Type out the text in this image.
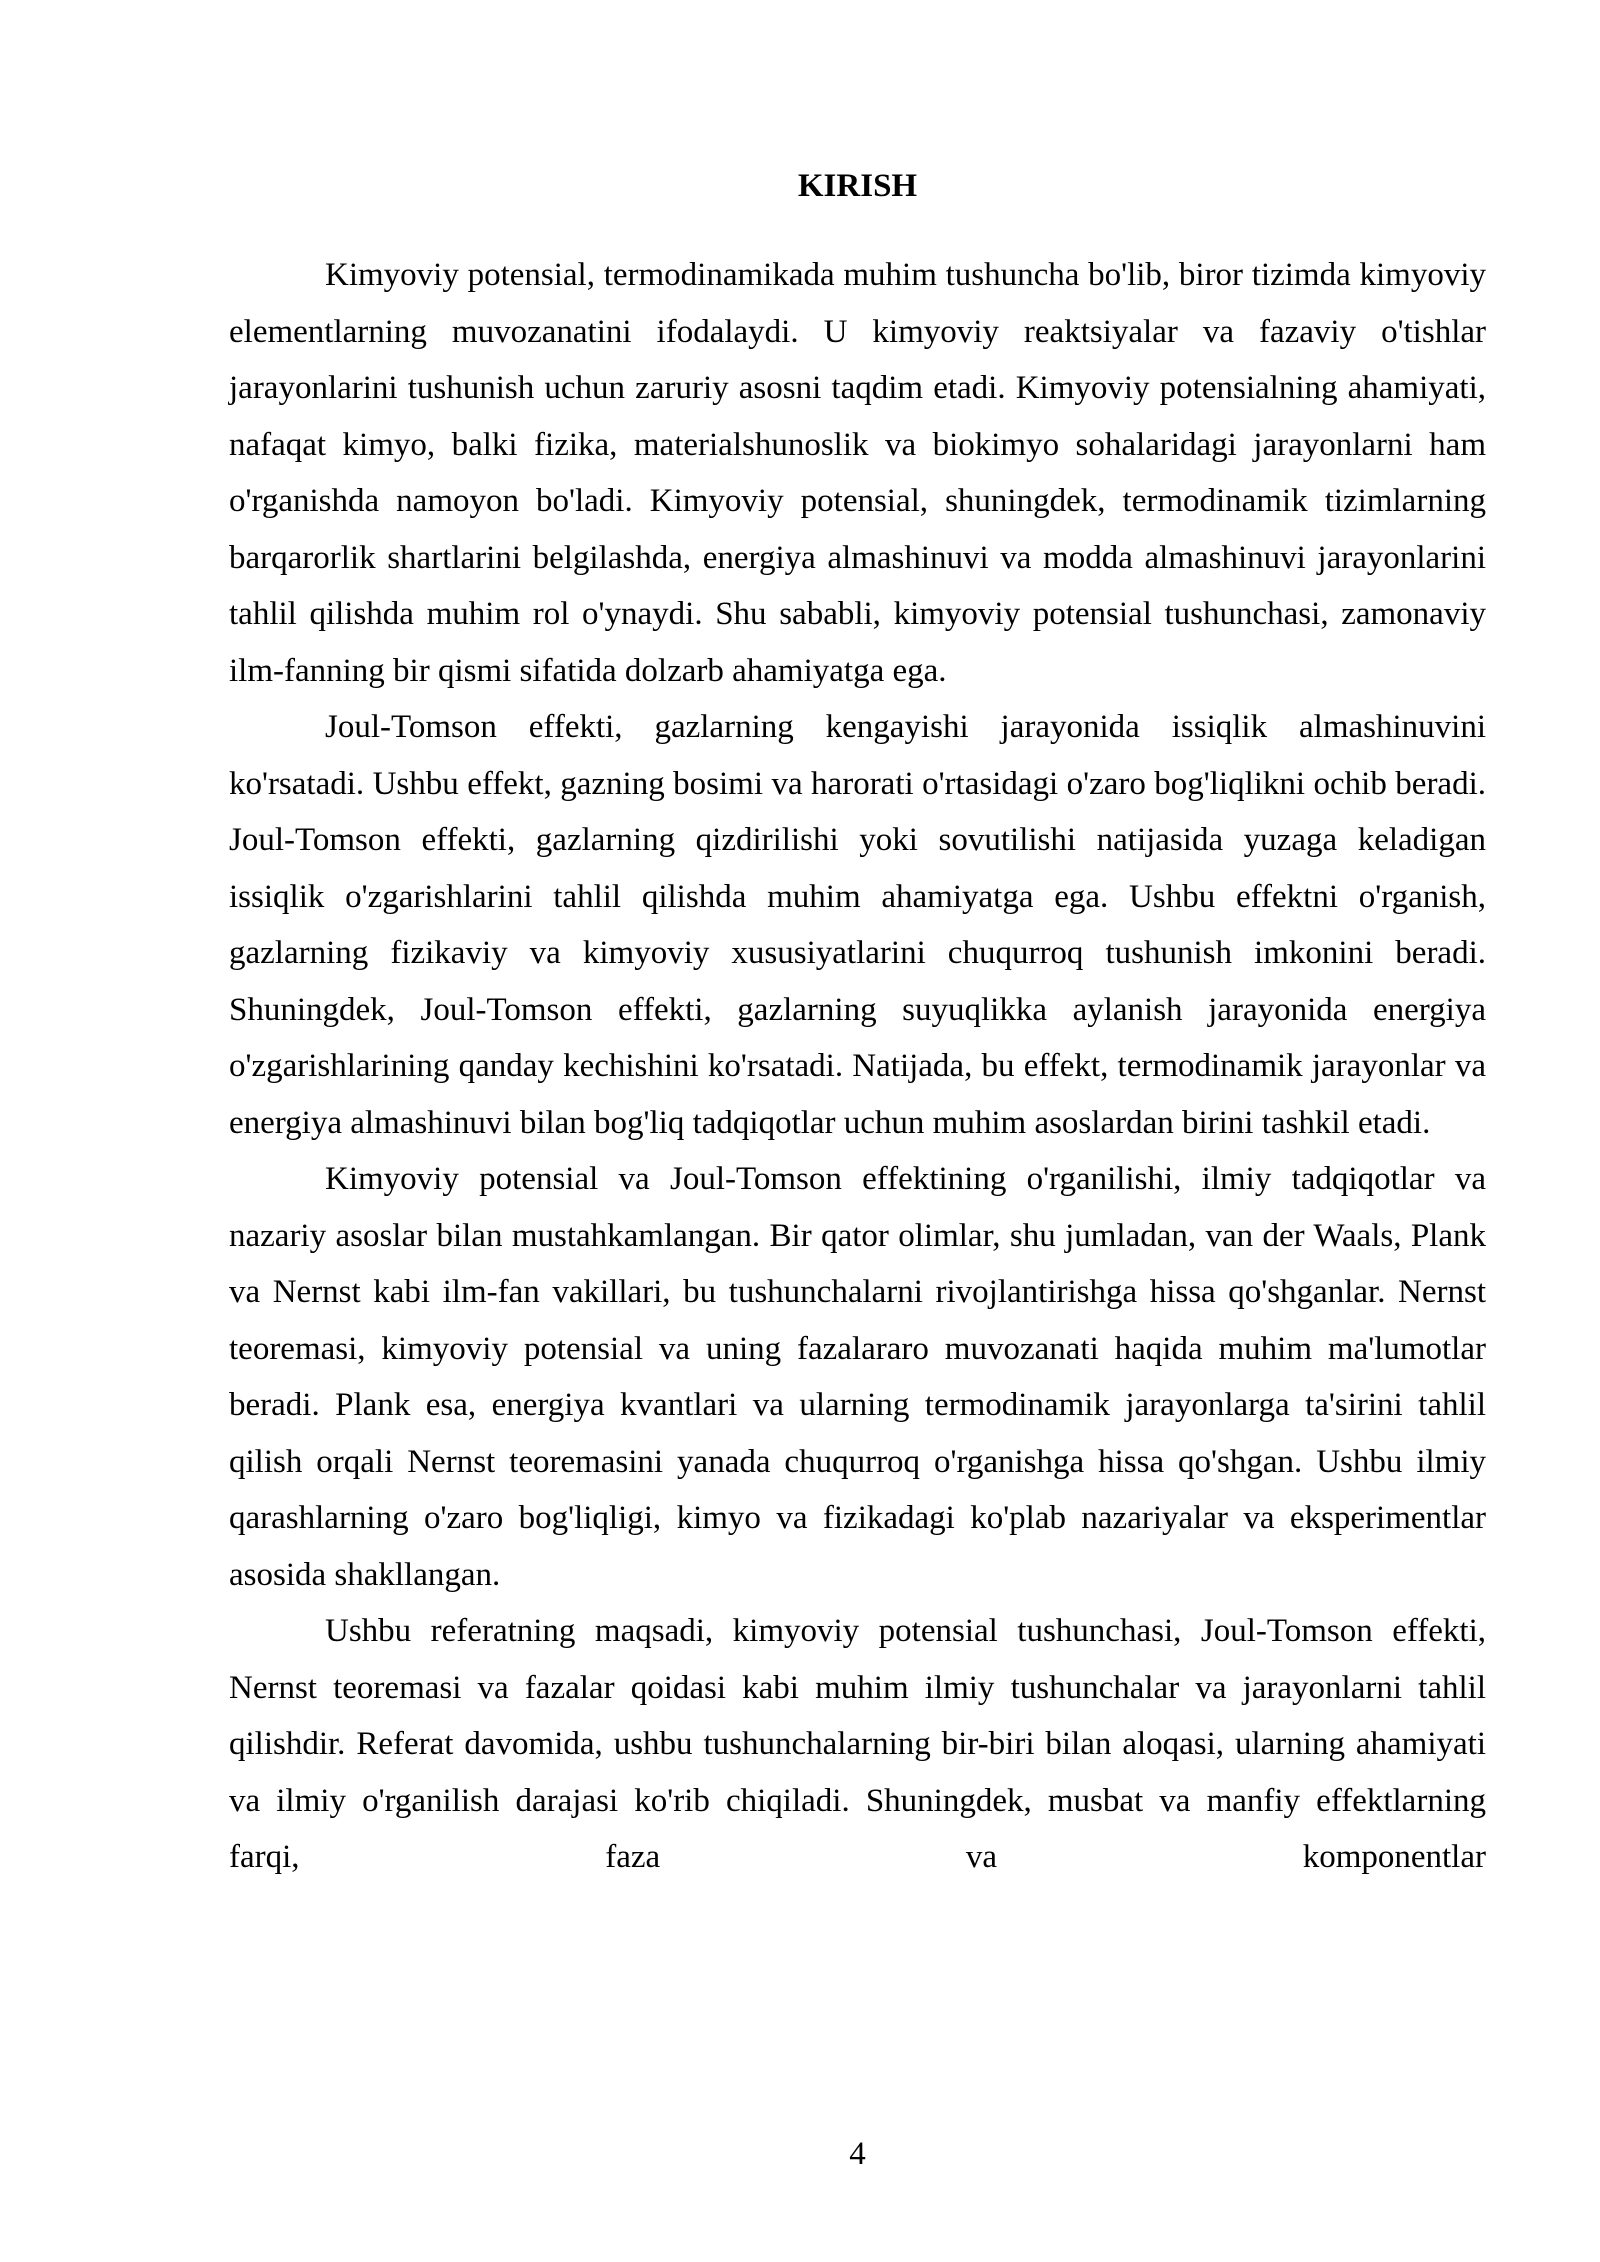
KIRISH

Kimyoviy potensial, termodinamikada muhim tushuncha bo'lib, biror tizimda kimyoviy elementlarning muvozanatini ifodalaydi. U kimyoviy reaktsiyalar va fazaviy o'tishlar jarayonlarini tushunish uchun zaruriy asosni taqdim etadi. Kimyoviy potensialning ahamiyati, nafaqat kimyo, balki fizika, materialshunoslik va biokimyo sohalaridagi jarayonlarni ham o'rganishda namoyon bo'ladi. Kimyoviy potensial, shuningdek, termodinamik tizimlarning barqarorlik shartlarini belgilashda, energiya almashinuvi va modda almashinuvi jarayonlarini tahlil qilishda muhim rol o'ynaydi. Shu sababli, kimyoviy potensial tushunchasi, zamonaviy ilm-fanning bir qismi sifatida dolzarb ahamiyatga ega.

Joul-Tomson effekti, gazlarning kengayishi jarayonida issiqlik almashinuvini ko'rsatadi. Ushbu effekt, gazning bosimi va harorati o'rtasidagi o'zaro bog'liqlikni ochib beradi. Joul-Tomson effekti, gazlarning qizdirilishi yoki sovutilishi natijasida yuzaga keladigan issiqlik o'zgarishlarini tahlil qilishda muhim ahamiyatga ega. Ushbu effektni o'rganish, gazlarning fizikaviy va kimyoviy xususiyatlarini chuqurroq tushunish imkonini beradi. Shuningdek, Joul-Tomson effekti, gazlarning suyuqlikka aylanish jarayonida energiya o'zgarishlarining qanday kechishini ko'rsatadi. Natijada, bu effekt, termodinamik jarayonlar va energiya almashinuvi bilan bog'liq tadqiqotlar uchun muhim asoslardan birini tashkil etadi.

Kimyoviy potensial va Joul-Tomson effektining o'rganilishi, ilmiy tadqiqotlar va nazariy asoslar bilan mustahkamlangan. Bir qator olimlar, shu jumladan, van der Waals, Plank va Nernst kabi ilm-fan vakillari, bu tushunchalarni rivojlantirishga hissa qo'shganlar. Nernst teoremasi, kimyoviy potensial va uning fazalararo muvozanati haqida muhim ma'lumotlar beradi. Plank esa, energiya kvantlari va ularning termodinamik jarayonlarga ta'sirini tahlil qilish orqali Nernst teoremasini yanada chuqurroq o'rganishga hissa qo'shgan. Ushbu ilmiy qarashlarning o'zaro bog'liqligi, kimyo va fizikadagi ko'plab nazariyalar va eksperimentlar asosida shakllangan.

Ushbu referatning maqsadi, kimyoviy potensial tushunchasi, Joul-Tomson effekti, Nernst teoremasi va fazalar qoidasi kabi muhim ilmiy tushunchalar va jarayonlarni tahlil qilishdir. Referat davomida, ushbu tushunchalarning bir-biri bilan aloqasi, ularning ahamiyati va ilmiy o'rganilish darajasi ko'rib chiqiladi. Shuningdek, musbat va manfiy effektlarning farqi, faza va komponentlar

4
